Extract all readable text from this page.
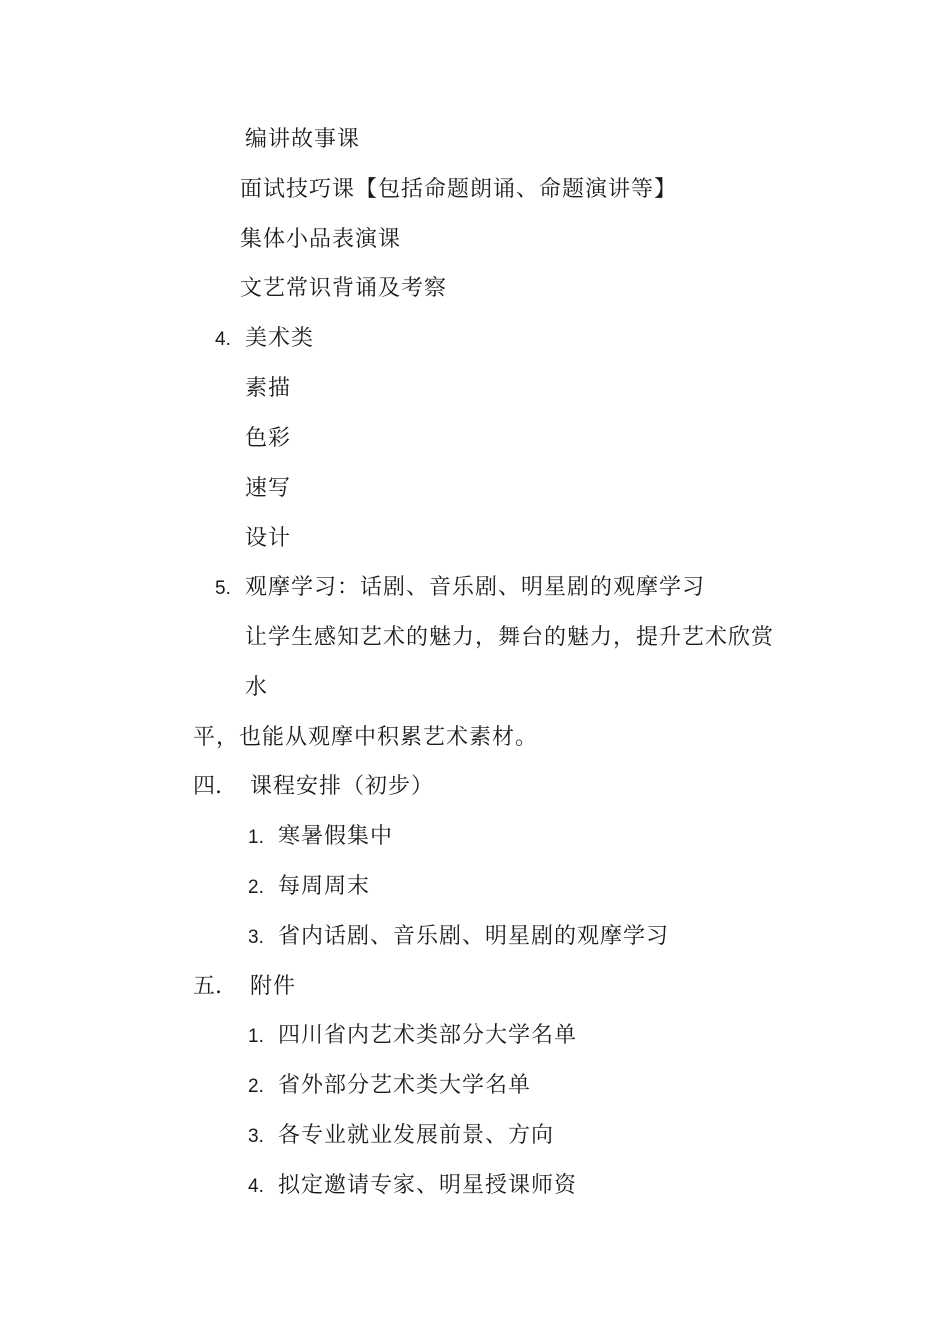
编讲故事课
面试技巧课【包括命题朗诵、命题演讲等】
集体小品表演课
文艺常识背诵及考察
4. 美术类
素描
色彩
速写
设计
5. 观摩学习：话剧、音乐剧、明星剧的观摩学习
让学生感知艺术的魅力，舞台的魅力，提升艺术欣赏
水
平，也能从观摩中积累艺术素材。
四. 课程安排（初步）
1. 寒暑假集中
2. 每周周末
3. 省内话剧、音乐剧、明星剧的观摩学习
五. 附件
1. 四川省内艺术类部分大学名单
2. 省外部分艺术类大学名单
3. 各专业就业发展前景、方向
4. 拟定邀请专家、明星授课师资
